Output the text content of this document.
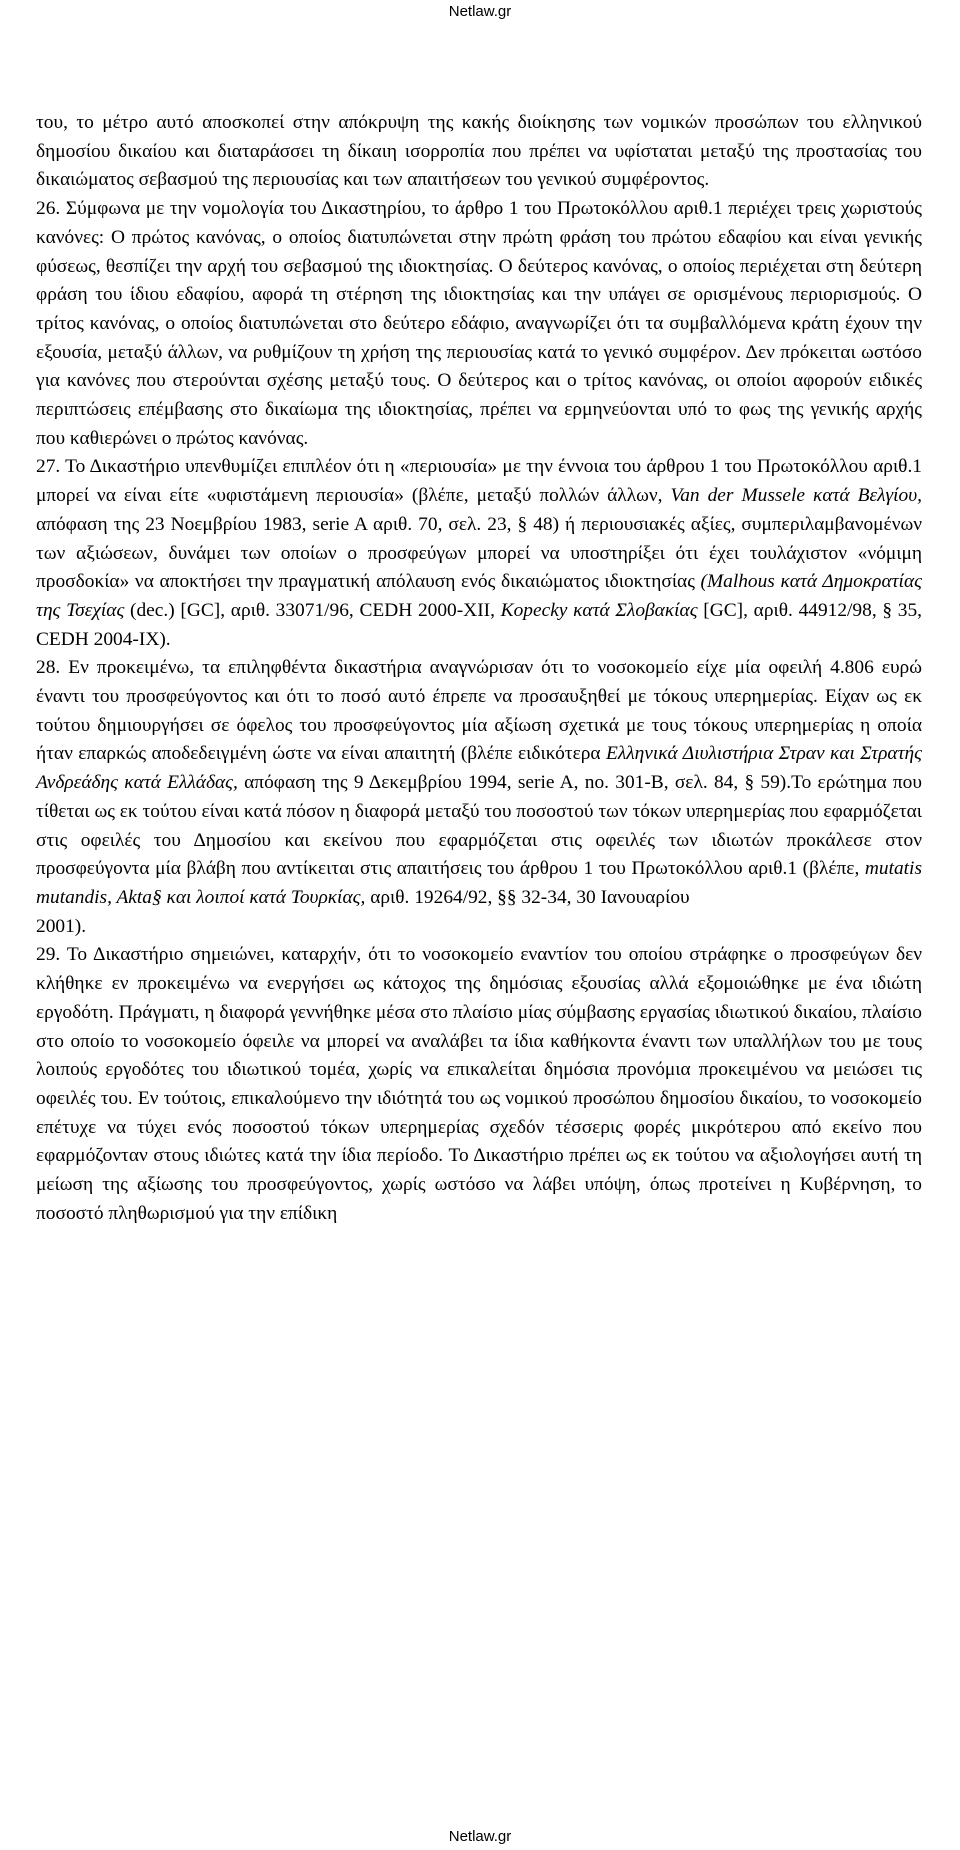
Netlaw.gr

του, το μέτρο αυτό αποσκοπεί στην απόκρυψη της κακής διοίκησης των νομικών προσώπων του ελληνικού δημοσίου δικαίου και διαταράσσει τη δίκαιη ισορροπία που πρέπει να υφίσταται μεταξύ της προστασίας του δικαιώματος σεβασμού της περιουσίας και των απαιτήσεων του γενικού συμφέροντος.

26. Σύμφωνα με την νομολογία του Δικαστηρίου, το άρθρο 1 του Πρωτοκόλλου αριθ.1 περιέχει τρεις χωριστούς κανόνες: Ο πρώτος κανόνας, ο οποίος διατυπώνεται στην πρώτη φράση του πρώτου εδαφίου και είναι γενικής φύσεως, θεσπίζει την αρχή του σεβασμού της ιδιοκτησίας. Ο δεύτερος κανόνας, ο οποίος περιέχεται στη δεύτερη φράση του ίδιου εδαφίου, αφορά τη στέρηση της ιδιοκτησίας και την υπάγει σε ορισμένους περιορισμούς. Ο τρίτος κανόνας, ο οποίος διατυπώνεται στο δεύτερο εδάφιο, αναγνωρίζει ότι τα συμβαλλόμενα κράτη έχουν την εξουσία, μεταξύ άλλων, να ρυθμίζουν τη χρήση της περιουσίας κατά το γενικό συμφέρον. Δεν πρόκειται ωστόσο για κανόνες που στερούνται σχέσης μεταξύ τους. Ο δεύτερος και ο τρίτος κανόνας, οι οποίοι αφορούν ειδικές περιπτώσεις επέμβασης στο δικαίωμα της ιδιοκτησίας, πρέπει να ερμηνεύονται υπό το φως της γενικής αρχής που καθιερώνει ο πρώτος κανόνας.

27. Το Δικαστήριο υπενθυμίζει επιπλέον ότι η «περιουσία» με την έννοια του άρθρου 1 του Πρωτοκόλλου αριθ.1 μπορεί να είναι είτε «υφιστάμενη περιουσία» (βλέπε, μεταξύ πολλών άλλων, Van der Mussele κατά Βελγίου, απόφαση της 23 Νοεμβρίου 1983, serie A αριθ. 70, σελ. 23, § 48) ή περιουσιακές αξίες, συμπεριλαμβανομένων των αξιώσεων, δυνάμει των οποίων ο προσφεύγων μπορεί να υποστηρίξει ότι έχει τουλάχιστον «νόμιμη προσδοκία» να αποκτήσει την πραγματική απόλαυση ενός δικαιώματος ιδιοκτησίας (Malhous κατά Δημοκρατίας της Τσεχίας (dec.) [GC], αριθ. 33071/96, CEDH 2000-XII, Kopecky κατά Σλοβακίας [GC], αριθ. 44912/98, § 35, CEDH 2004-IX).

28. Εν προκειμένω, τα επιληφθέντα δικαστήρια αναγνώρισαν ότι το νοσοκομείο είχε μία οφειλή 4.806 ευρώ έναντι του προσφεύγοντος και ότι το ποσό αυτό έπρεπε να προσαυξηθεί με τόκους υπερημερίας. Είχαν ως εκ τούτου δημιουργήσει σε όφελος του προσφεύγοντος μία αξίωση σχετικά με τους τόκους υπερημερίας η οποία ήταν επαρκώς αποδεδειγμένη ώστε να είναι απαιτητή (βλέπε ειδικότερα Ελληνικά Διυλιστήρια Στραν και Στρατής Ανδρεάδης κατά Ελλάδας, απόφαση της 9 Δεκεμβρίου 1994, serie A, no. 301-B, σελ. 84, § 59).Το ερώτημα που τίθεται ως εκ τούτου είναι κατά πόσον η διαφορά μεταξύ του ποσοστού των τόκων υπερημερίας που εφαρμόζεται στις οφειλές του Δημοσίου και εκείνου που εφαρμόζεται στις οφειλές των ιδιωτών προκάλεσε στον προσφεύγοντα μία βλάβη που αντίκειται στις απαιτήσεις του άρθρου 1 του Πρωτοκόλλου αριθ.1 (βλέπε, mutatis mutandis, Akta§ και λοιποί κατά Τουρκίας, αριθ. 19264/92, §§ 32-34, 30 Ιανουαρίου
2001).

29. Το Δικαστήριο σημειώνει, καταρχήν, ότι το νοσοκομείο εναντίον του οποίου στράφηκε ο προσφεύγων δεν κλήθηκε εν προκειμένω να ενεργήσει ως κάτοχος της δημόσιας εξουσίας αλλά εξομοιώθηκε με ένα ιδιώτη εργοδότη. Πράγματι, η διαφορά γεννήθηκε μέσα στο πλαίσιο μίας σύμβασης εργασίας ιδιωτικού δικαίου, πλαίσιο στο οποίο το νοσοκομείο όφειλε να μπορεί να αναλάβει τα ίδια καθήκοντα έναντι των υπαλλήλων του με τους λοιπούς εργοδότες του ιδιωτικού τομέα, χωρίς να επικαλείται δημόσια προνόμια προκειμένου να μειώσει τις οφειλές του. Εν τούτοις, επικαλούμενο την ιδιότητά του ως νομικού προσώπου δημοσίου δικαίου, το νοσοκομείο επέτυχε να τύχει ενός ποσοστού τόκων υπερημερίας σχεδόν τέσσερις φορές μικρότερου από εκείνο που εφαρμόζονταν στους ιδιώτες κατά την ίδια περίοδο. Το Δικαστήριο πρέπει ως εκ τούτου να αξιολογήσει αυτή τη μείωση της αξίωσης του προσφεύγοντος, χωρίς ωστόσο να λάβει υπόψη, όπως προτείνει η Κυβέρνηση, το ποσοστό πληθωρισμού για την επίδικη

Netlaw.gr
